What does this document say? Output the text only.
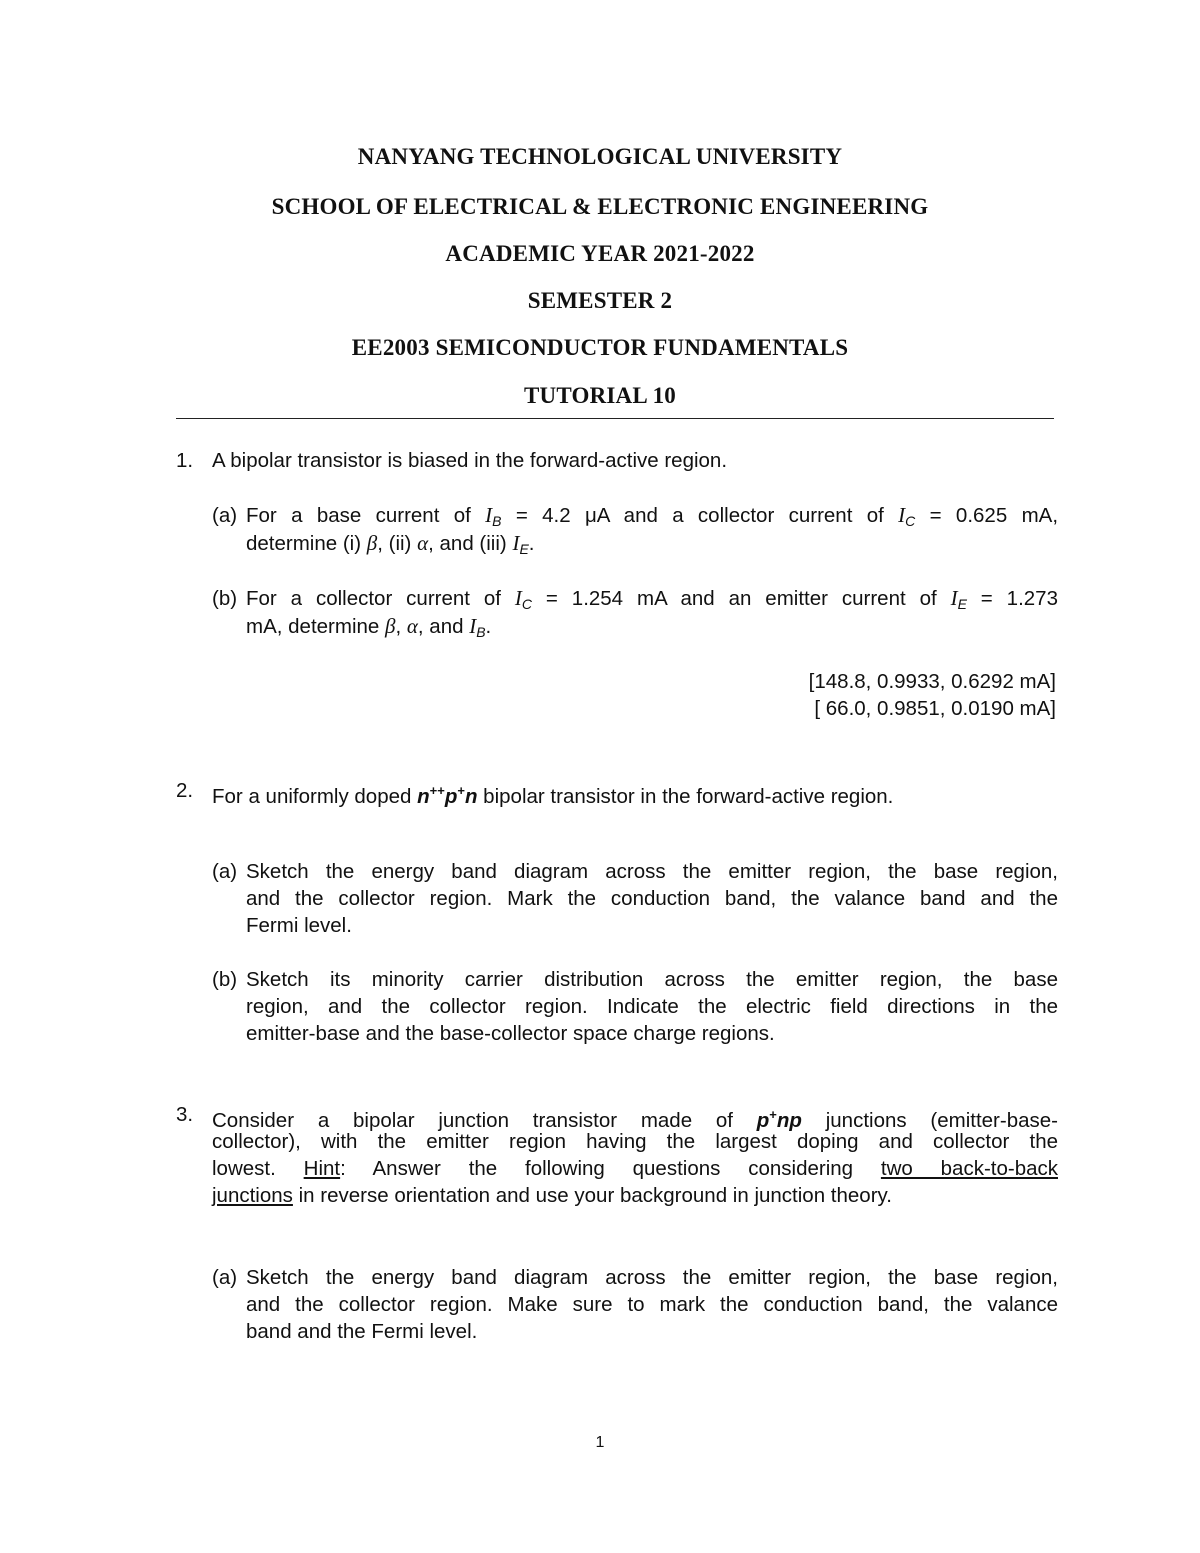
NANYANG TECHNOLOGICAL UNIVERSITY
SCHOOL OF ELECTRICAL & ELECTRONIC ENGINEERING
ACADEMIC YEAR 2021-2022
SEMESTER 2
EE2003 SEMICONDUCTOR FUNDAMENTALS
TUTORIAL 10
1. A bipolar transistor is biased in the forward-active region.
(a) For a base current of $I_B = 4.2$ μA and a collector current of $I_C = 0.625$ mA,
determine (i) β, (ii) α, and (iii) $I_E$.
(b) For a collector current of $I_C = 1.254$ mA and an emitter current of $I_E = 1.273$
mA, determine β, α, and $I_B$.
[148.8, 0.9933, 0.6292 mA]
[ 66.0, 0.9851, 0.0190 mA]
2. For a uniformly doped n++p+n bipolar transistor in the forward-active region.
(a) Sketch the energy band diagram across the emitter region, the base region,
and the collector region. Mark the conduction band, the valance band and the
Fermi level.
(b) Sketch its minority carrier distribution across the emitter region, the base
region, and the collector region. Indicate the electric field directions in the
emitter-base and the base-collector space charge regions.
3. Consider a bipolar junction transistor made of p+np junctions (emitter-base-
collector), with the emitter region having the largest doping and collector the
lowest. Hint: Answer the following questions considering two back-to-back
junctions in reverse orientation and use your background in junction theory.
(a) Sketch the energy band diagram across the emitter region, the base region,
and the collector region. Make sure to mark the conduction band, the valance
band and the Fermi level.
1
